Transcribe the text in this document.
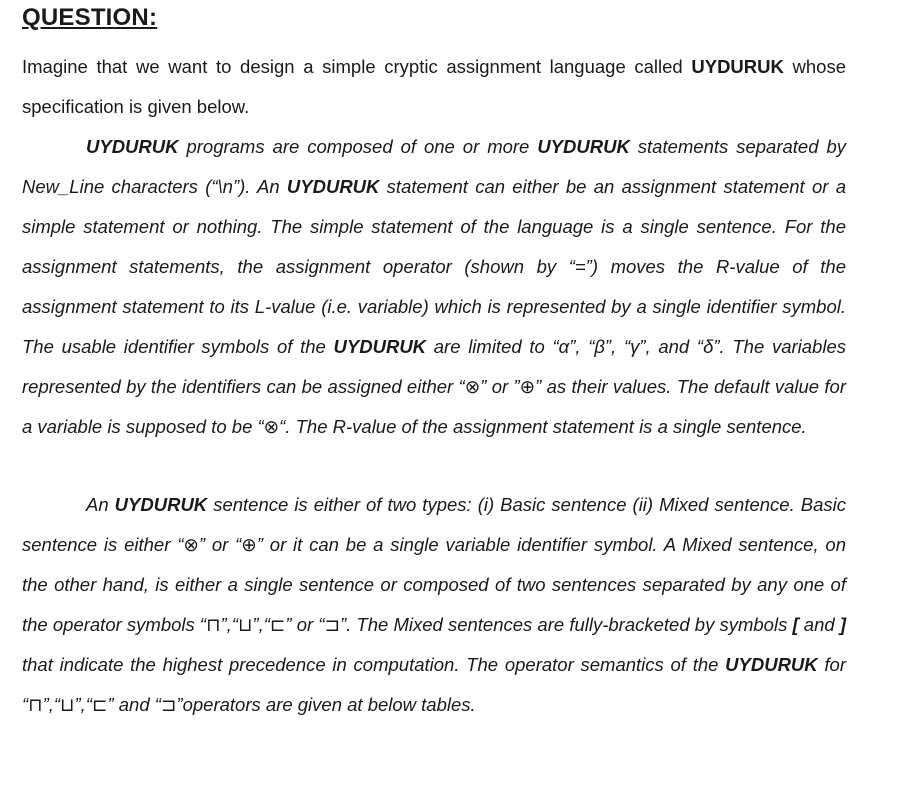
QUESTION:
Imagine that we want to design a simple cryptic assignment language called UYDURUK whose specification is given below.
UYDURUK programs are composed of one or more UYDURUK statements separated by New_Line characters (“\n”). An UYDURUK statement can either be an assignment statement or a simple statement or nothing. The simple statement of the language is a single sentence. For the assignment statements, the assignment operator (shown by “=”) moves the R-value of the assignment statement to its L-value (i.e. variable) which is represented by a single identifier symbol. The usable identifier symbols of the UYDURUK are limited to “α”, “β”, “γ”, and “δ”. The variables represented by the identifiers can be assigned either “⊗” or ”⊕” as their values. The default value for a variable is supposed to be “⊗“. The R-value of the assignment statement is a single sentence.
An UYDURUK sentence is either of two types: (i) Basic sentence (ii) Mixed sentence. Basic sentence is either “⊗” or “⊕” or it can be a single variable identifier symbol. A Mixed sentence, on the other hand, is either a single sentence or composed of two sentences separated by any one of the operator symbols “⊓”,“⊔”,“⊏” or “⊐”. The Mixed sentences are fully-bracketed by symbols [ and ] that indicate the highest precedence in computation. The operator semantics of the UYDURUK for “⊓”,“⊔”,“⊏” and “⊐”operators are given at below tables.
